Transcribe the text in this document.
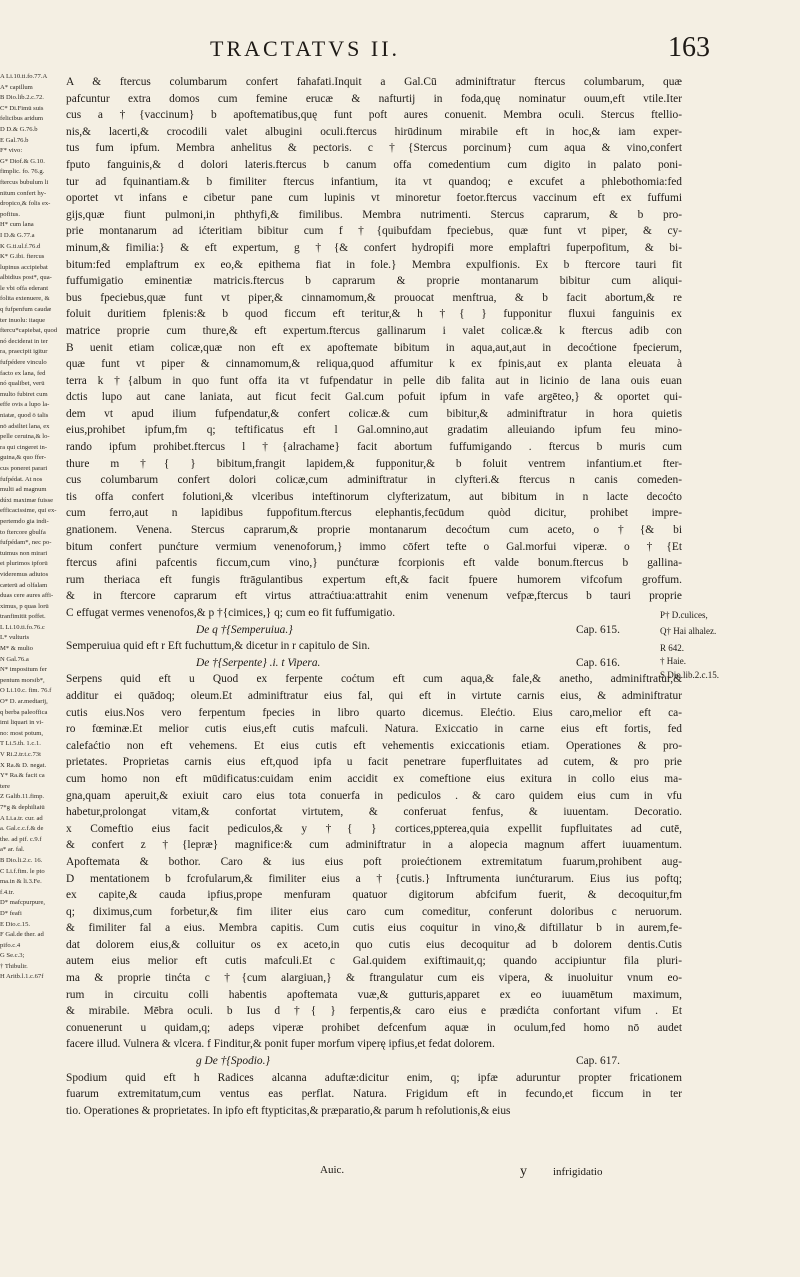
TRACTATVS II.	163
A Li.10.ti.fo.77.A
A* capillum
B Dio.lib.2.c.72.
C* Di.Fimū suis
felicibus aridum
D D.& G.76.b
E Gal.76.b
F* vivo:
G* Diof.& G.10.
fimplic. fo. 76.g.
ftercus bubulum li
nitum confert hy-
dropico,& folis ex-
pofitus.
H* cum lana
I D.& G.77.a
K G.ti.ul.f.76.d
K* G.ibi. ftercus
lupinus accipiebat
albidius post*, qua-
le vbi offa ederant
folita extenuere, &
q fufpenfum caudæ
ter inuolu: itaque
ftercu*capiebat, quod
nó deciderat in ter
ra, praecipit igitur
fufpédere vinculo
facto ex lana, fed
nó qualibet, verū
multo fubiret cum
effe ovis a lupo la-
niatæ, quod ō talis
nō adsiltet lana, ex
pelle ceruina,& lo-
ra qui cingeret in-
guina,& quo ffer-
cus poneret parari
fufpédat. At nos
multi ad magnum
dúxi maximæ fuisse
efficacissime, qui ex-
pertemdo gia indi-
to ftercore gbulfa
fufpédam*, nec po-
tuimus non mirari
ei plurimos ipforū
videremus adiutos
cæterū ad olfalam
duas cere aures affi-
ximus, p quas lorū
tranfimitit poffet.
L Li.10.ti.fo.76.c
L* vulturis
M* & mulio
N Gal.76.a
N* impositum fer
pentum morsib*,
O Li.10.c. fim. 76.f
O* D. ar.medtarij,
q berba paleoffica
imi liquari in vi-
no: most potum,
T Li.5.th. 1.c.1.
V Ri.2.tr.t.c.73t
X Ra.& D. negat.
Y* Ra.& facit ca
tere
Z Galib.11.fimp.
7*g & dephiliaiū
A Li.a.tr. cur. ad
a. Gal.c.c.f.& de
the. ad pif. c.9.f
a* ar. fal.
B Dio.li.2.c. 16.
C Li.f.fim. le pto
ma.in & li.3.Fe.
f.4.tr.
D* mafcpurpure,
D* feafi
E Dio.c.15.
F Gal.de ther. ad
pifo.c.4
G Se.c.3;
† Thibulir.
H Aritb.l.1.c.67f
A & ftercus columbarum confert fahafati.Inquit a Gal.Cū adminiftratur ftercus columbarum, quæ
pafcuntur extra domos cum femine erucæ & nafturtij in foda,quę nominatur ouum,eft vtile.Iter
cus a †{vaccinum} b apoftematibus,quę funt poft aures conuenit. Membra oculi. Stercus ftellio-
nis,& lacerti,& crocodili valet albugini oculi.ftercus hirūdinum mirabile eft in hoc,& iam exper-
tus fum ipfum. Membra anhelitus & pectoris. c †{Stercus porcinum} cum aqua & vino,confert
fputo fanguinis,& d dolori lateris.ftercus b canum offa comedentium cum digito in palato poni-
tur ad fquinantiam.& b fimiliter ftercus infantium, ita vt quandoq; e excufet a phlebothomia:fed
oportet vt infans e cibetur pane cum lupinis vt minoretur foetor.ftercus vaccinum eft ex fuffumi
gijs,quæ fiunt pulmoni,in phthyfi,& fimilibus. Membra nutrimenti. Stercus caprarum, & b pro-
prie montanarum ad ićteritiam bibitur cum f †{quibufdam fpeciebus, quæ funt vt piper, & cy-
minum,& fimilia:} & eft expertum, g †{& confert hydropifi more emplaftri fuperpofitum, & bi-
bitum:fed emplaftrum ex eo,& epithema fiat in fole.} Membra expulfionis. Ex b ftercore tauri fit
fuffumigatio eminentiæ matricis.ftercus b caprarum & proprie montanarum bibitur cum aliqui-
bus fpeciebus,quæ funt vt piper,& cinnamomum,& prouocat menftrua, & b facit abortum,& re
foluit duritiem fplenis:& b quod ficcum eft teritur,& h †{ } fupponitur fluxui fanguinis ex
matrice proprie cum thure,& eft expertum.ftercus gallinarum i valet colicæ.& k ftercus adib con
B uenit etiam colicæ,quæ non eft ex apoftemate bibitum in aqua,aut,aut in decoćtione fpecierum,
quæ funt vt piper & cinnamomum,& reliqua,quod affumitur k ex fpinis,aut ex planta eleuata à
terra k †{album in quo funt offa ita vt fufpendatur in pelle dib falita aut in licinio de lana ouis euan
dctis lupo aut cane laniata, aut ficut fecit Gal.cum pofuit ipfum in vafe argēteo,} & oportet qui-
dem vt apud ilium fufpendatur,& confert colicæ.& cum bibitur,& adminiftratur in hora quietis
eius,prohibet ipfum,fm q; teftificatus eft l Gal.omnino,aut gradatim alleuiando ipfum feu mino-
rando ipfum prohibet.ftercus l †{alrachame} facit abortum fuffumigando . ftercus b muris cum
thure m †{ } bibitum,frangit lapidem,& fupponitur,& b foluit ventrem infantium.et fter-
cus columbarum confert dolori colicæ,cum adminiftratur in clyfteri.& ftercus n canis comeden-
tis offa confert folutioni,& vlceribus inteftinorum clyfterizatum, aut bibitum in n lacte decoćto
cum ferro,aut n lapidibus fuppofitum.ftercus elephantis,fecūdum quòd dicitur, prohibet impre-
gnationem. Venena. Stercus caprarum,& proprie montanarum decoćtum cum aceto, o †{& bi
bitum confert punćture vermium venenoforum,} immo cōfert tefte o Gal.morfui viperæ. o †{Et
ftercus afini pafcentis ficcum,cum vino,} punćturæ fcorpionis eft valde bonum.ftercus b gallina-
rum theriaca eft fungis ftrāgulantibus expertum eft,& facit fpuere humorem vifcofum groffum.
& in ftercore caprarum eft virtus attraćtiua:attrahit enim venenum vefpæ,ftercus b tauri proprie
C effugat vermes venenofos,& p †{cimices,} q; cum eo fit fuffumigatio.
De q †{Semperuiua.}	Cap. 615.
Semperuiua quid eft r Eft fuchuttum,& dicetur in r capitulo de Sin.
De †{Serpente} .i. t Vipera.	Cap. 616.
Serpens quid eft u Quod ex ferpente coćtum eft cum aqua,& fale,& anetho, adminiftratur,&
additur ei quādoq; oleum.Et adminiftratur eius fal, qui eft in virtute carnis eius, & adminiftratur
cutis eius.Nos vero ferpentum fpecies in libro quarto dicemus. Elećtio. Eius caro,melior eft ca-
ro fœminæ.Et melior cutis eius,eft cutis mafculi. Natura. Exiccatio in carne eius eft fortis, fed
calefaćtio non eft vehemens. Et eius cutis eft vehementis exiccationis etiam. Operationes & pro-
prietates. Proprietas carnis eius eft,quod ipfa u facit penetrare fuperfluitates ad cutem, & pro prie
cum homo non eft mūdificatus:cuidam enim accidit ex comeftione eius exitura in collo eius ma-
gna,quam aperuit,& exiuit caro eius tota conuerfa in pediculos . & caro quidem eius cum in vfu
habetur,prolongat vitam,& confortat virtutem, & conferuat fenfus, & iuuentam. Decoratio.
x Comeftio eius facit pediculos,& y †{ } cortices,ppterea,quia expellit fupfluitates ad cutē,
& confert z †{lepræ} magnifice:& cum adminiftratur in a alopecia magnum affert iuuamentum.
Apoftemata & bothor. Caro & ius eius poft proiećtionem extremitatum fuarum,prohibent aug-
D mentationem b fcrofularum,& fimiliter eius a †{cutis.} Inftrumenta iunćturarum. Eius ius poftq;
ex capite,& cauda ipfius,prope menfuram quatuor digitorum abfcifum fuerit, & decoquitur,fm
q; diximus,cum forbetur,& fim iliter eius caro cum comeditur, conferunt doloribus c neruorum.
& fimiliter fal a eius. Membra capitis. Cum cutis eius coquitur in vino,& diftillatur b in aurem,fe-
dat dolorem eius,& colluitur os ex aceto,in quo cutis eius decoquitur ad b dolorem dentis.Cutis
autem eius melior eft cutis mafculi.Et c Gal.quidem exiftimauit,q; quando accipiuntur fila pluri-
ma & proprie tinćta c †{cum alargiuan,} & ftrangulatur cum eis vipera, & inuoluitur vnum eo-
rum in circuitu colli habentis apoftemata vuæ,& gutturis,apparet ex eo iuuamētum maximum,
& mirabile. Mēbra oculi. b Ius d †{ } ferpentis,& caro eius e prædićta confortant vifum . Et
conuenerunt u quidam,q; adeps viperæ prohibet defcenfum aquæ in oculum,fed homo nō audet
facere illud. Vulnera & vlcera. f Finditur,& ponit fuper morfum viperę ipfius,et fedat dolorem.
g De †{Spodio.}	Cap. 617.
Spodium quid eft h Radices alcanna aduftæ:dicitur enim, q; ipfæ aduruntur propter fricationem
fuarum extremitatum,cum ventus eas perflat. Natura. Frigidum eft in fecundo,et ficcum in ter
tio. Operationes & proprietates. In ipfo eft ftypticitas,& præparatio,& parum h refolutionis,& eius
P† D.culices,
Q† Hai alhalez.
R 642.
† Haie.
S Dio.lib.2.c.15.
Auic.	y infrigidatio
